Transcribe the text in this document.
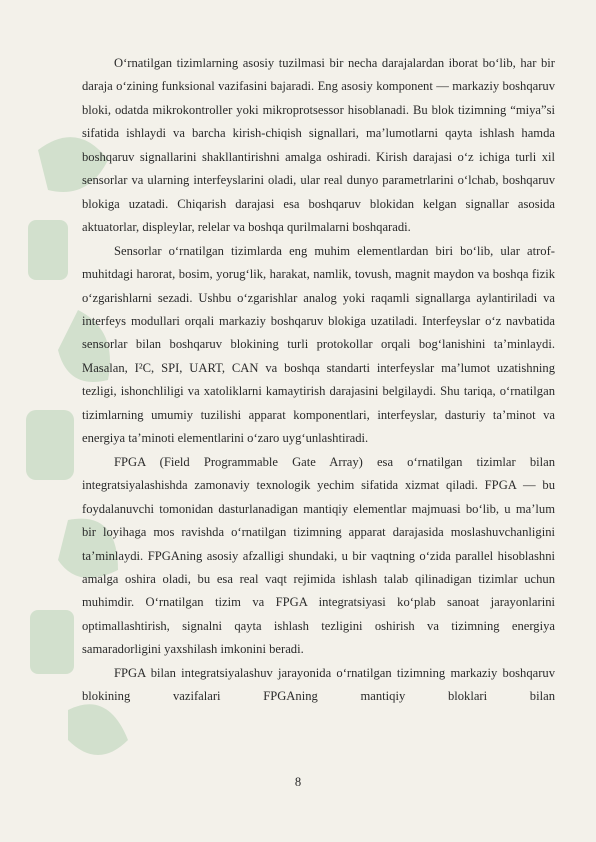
O‘rnatilgan tizimlarning asosiy tuzilmasi bir necha darajalardan iborat bo‘lib, har bir daraja o‘zining funksional vazifasini bajaradi. Eng asosiy komponent — markaziy boshqaruv bloki, odatda mikrokontroller yoki mikroprotsessor hisoblanadi. Bu blok tizimning “miya”si sifatida ishlaydi va barcha kirish-chiqish signallari, ma’lumotlarni qayta ishlash hamda boshqaruv signallarini shakllantirishni amalga oshiradi. Kirish darajasi o‘z ichiga turli xil sensorlar va ularning interfeyslarini oladi, ular real dunyo parametrlarini o‘lchab, boshqaruv blokiga uzatadi. Chiqarish darajasi esa boshqaruv blokidan kelgan signallar asosida aktuatorlar, displeylar, relelar va boshqa qurilmalarni boshqaradi.

Sensorlar o‘rnatilgan tizimlarda eng muhim elementlardan biri bo‘lib, ular atrof-muhitdagi harorat, bosim, yorug‘lik, harakat, namlik, tovush, magnit maydon va boshqa fizik o‘zgarishlarni sezadi. Ushbu o‘zgarishlar analog yoki raqamli signallarga aylantiriladi va interfeys modullari orqali markaziy boshqaruv blokiga uzatiladi. Interfeyslar o‘z navbatida sensorlar bilan boshqaruv blokining turli protokollar orqali bog‘lanishini ta’minlaydi. Masalan, I²C, SPI, UART, CAN va boshqa standarti interfeyslar ma’lumot uzatishning tezligi, ishonchliligi va xatoliklarni kamaytirish darajasini belgilaydi. Shu tariqa, o‘rnatilgan tizimlarning umumiy tuzilishi apparat komponentlari, interfeyslar, dasturiy ta’minot va energiya ta’minoti elementlarini o‘zaro uyg‘unlashtiradi.

FPGA (Field Programmable Gate Array) esa o‘rnatilgan tizimlar bilan integratsiyalashishda zamonaviy texnologik yechim sifatida xizmat qiladi. FPGA — bu foydalanuvchi tomonidan dasturlanadigan mantiqiy elementlar majmuasi bo‘lib, u ma’lum bir loyihaga mos ravishda o‘rnatilgan tizimning apparat darajasida moslashuvchanligini ta’minlaydi. FPGAning asosiy afzalligi shundaki, u bir vaqtning o‘zida parallel hisoblashni amalga oshira oladi, bu esa real vaqt rejimida ishlash talab qilinadigan tizimlar uchun muhimdir. O‘rnatilgan tizim va FPGA integratsiyasi ko‘plab sanoat jarayonlarini optimallashtirish, signalni qayta ishlash tezligini oshirish va tizimning energiya samaradorligini yaxshilash imkonini beradi.

FPGA bilan integratsiyalashuv jarayonida o‘rnatilgan tizimning markaziy boshqaruv blokining vazifalari FPGAning mantiqiy bloklari bilan

8
